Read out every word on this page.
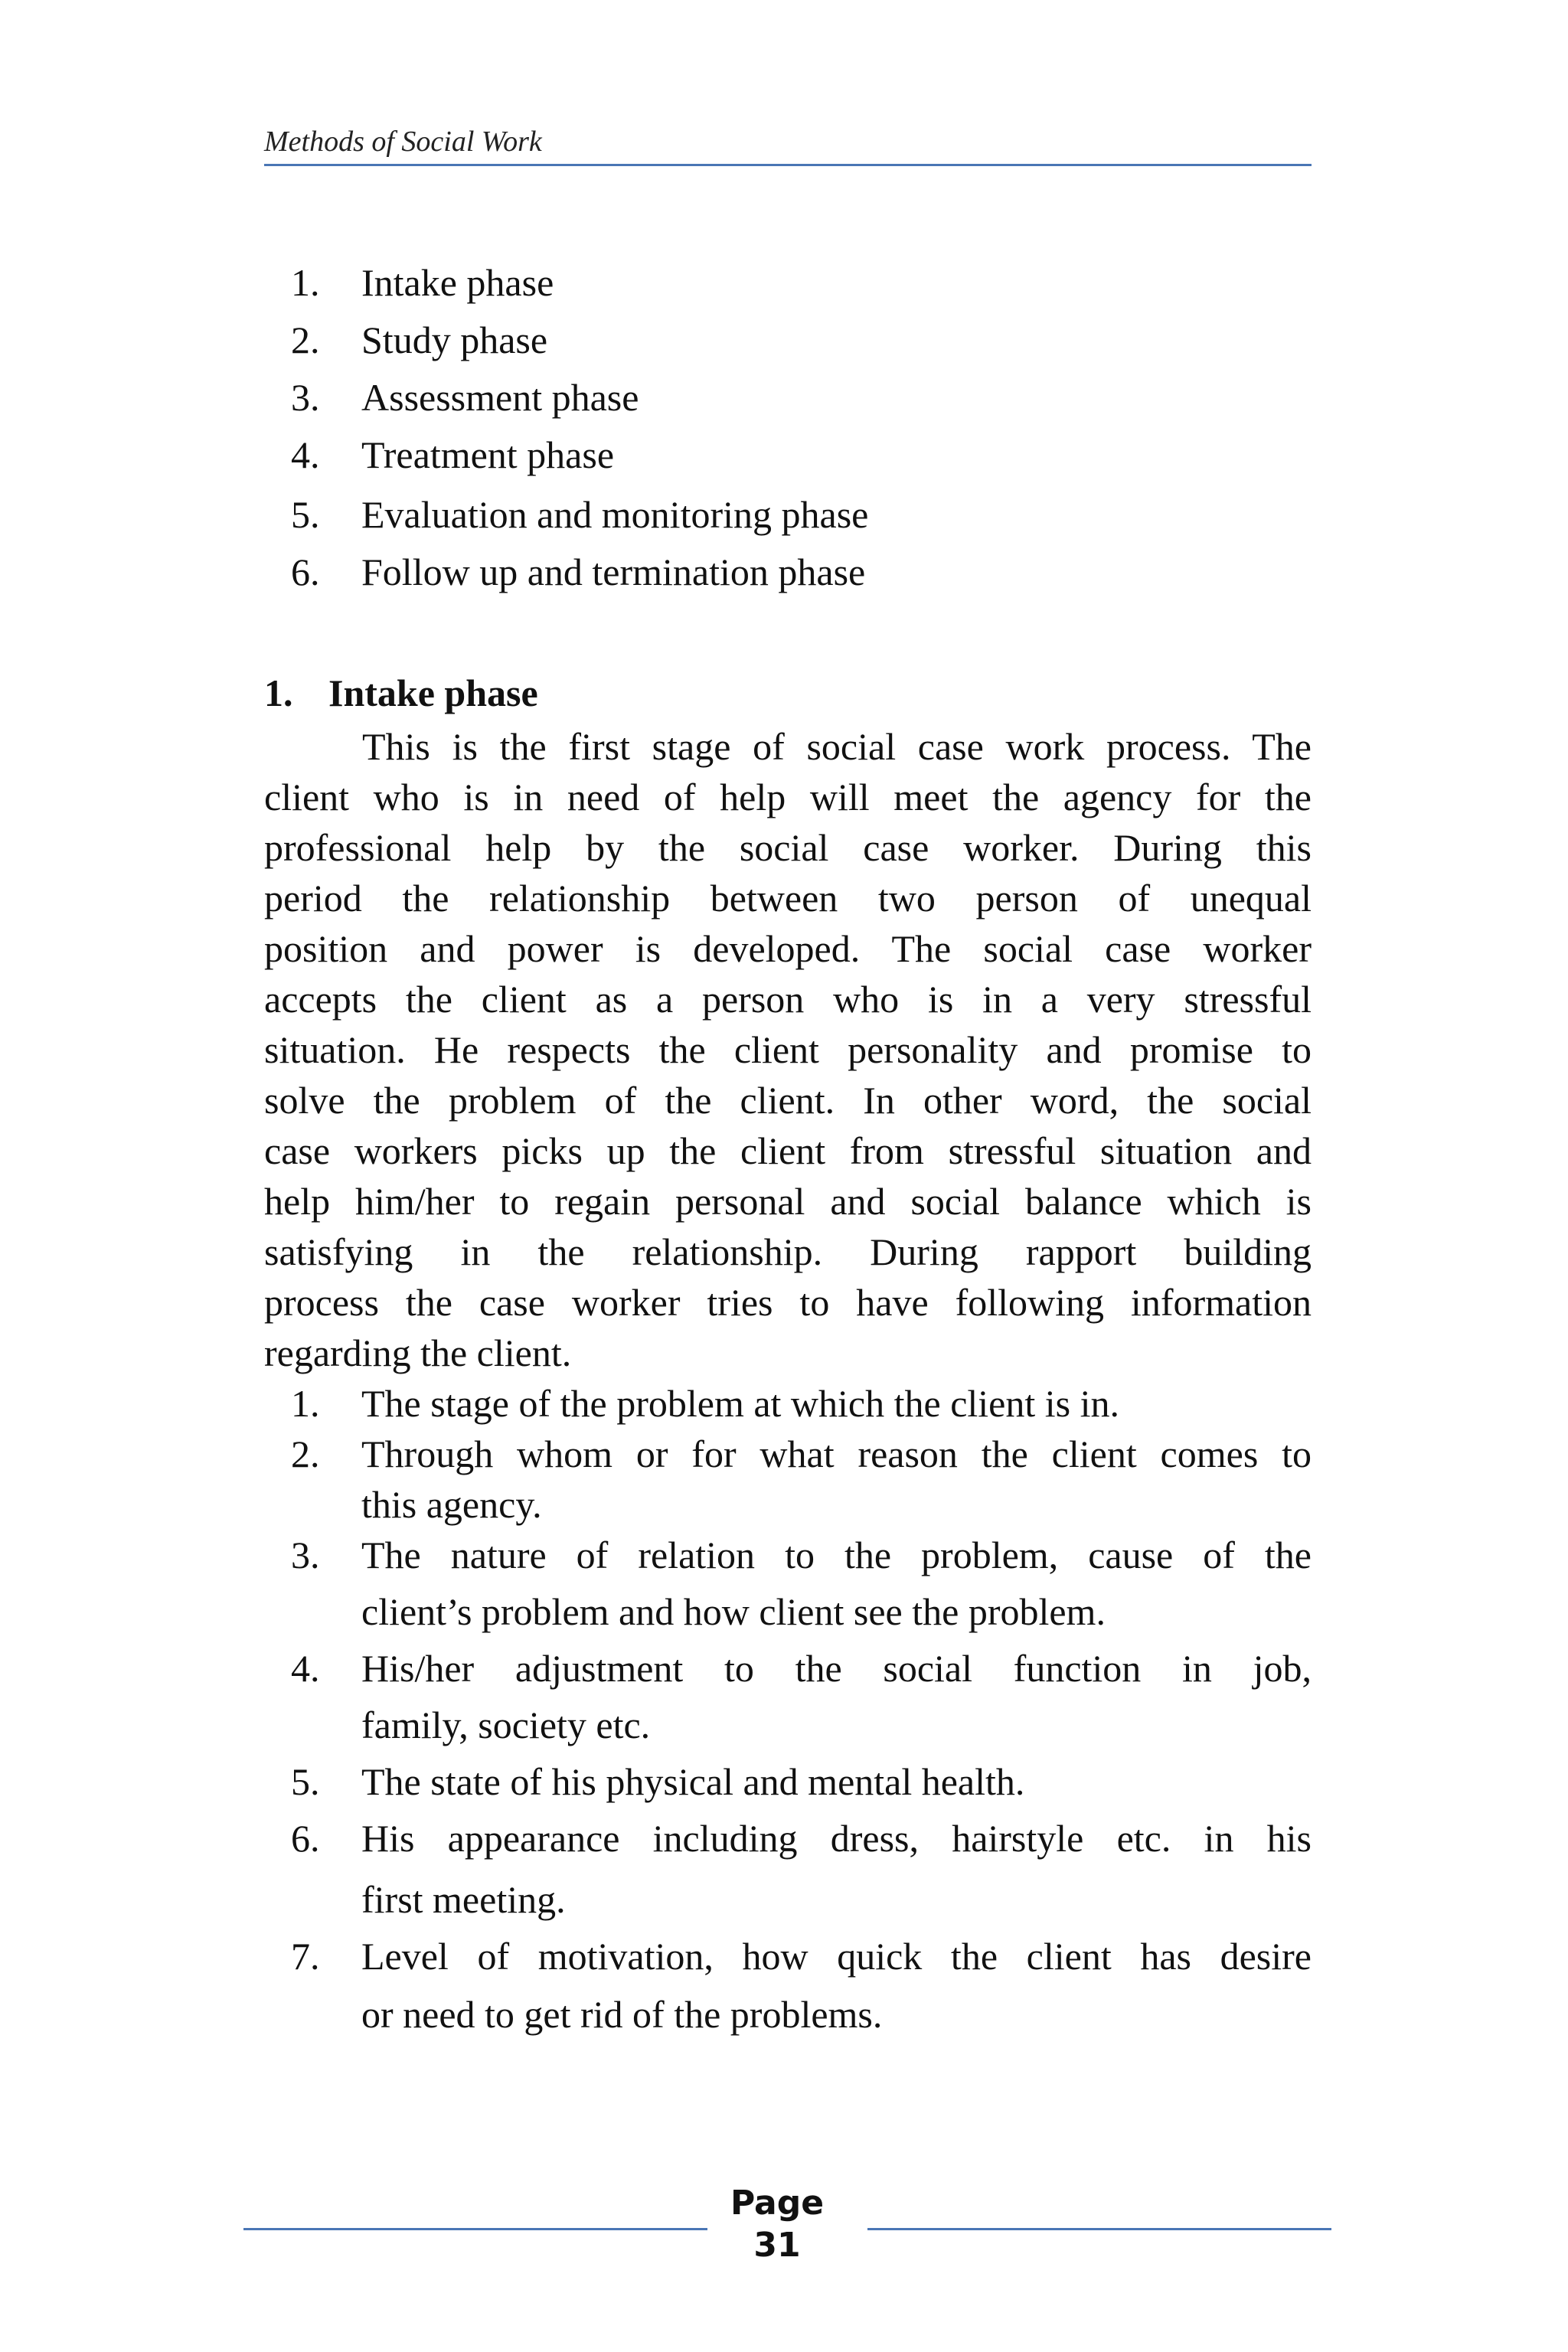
Methods of Social Work
1. Intake phase
2. Study phase
3. Assessment phase
4. Treatment phase
5. Evaluation and monitoring phase
6. Follow up and termination phase
1. Intake phase
This is the first stage of social case work process. The
client who is in need of help will meet the agency for the
professional help by the social case worker. During this
period the relationship between two person of unequal
position and power is developed. The social case worker
accepts the client as a person who is in a very stressful
situation. He respects the client personality and promise to
solve the problem of the client. In other word, the social
case workers picks up the client from stressful situation and
help him/her to regain personal and social balance which is
satisfying in the relationship. During rapport building
process the case worker tries to have following information
regarding the client.
1. The stage of the problem at which the client is in.
2. Through whom or for what reason the client comes to
this agency.
3. The nature of relation to the problem, cause of the
client’s problem and how client see the problem.
4. His/her adjustment to the social function in job,
family, society etc.
5. The state of his physical and mental health.
6. His appearance including dress, hairstyle etc. in his
first meeting.
7. Level of motivation, how quick the client has desire
or need to get rid of the problems.
Page
31
